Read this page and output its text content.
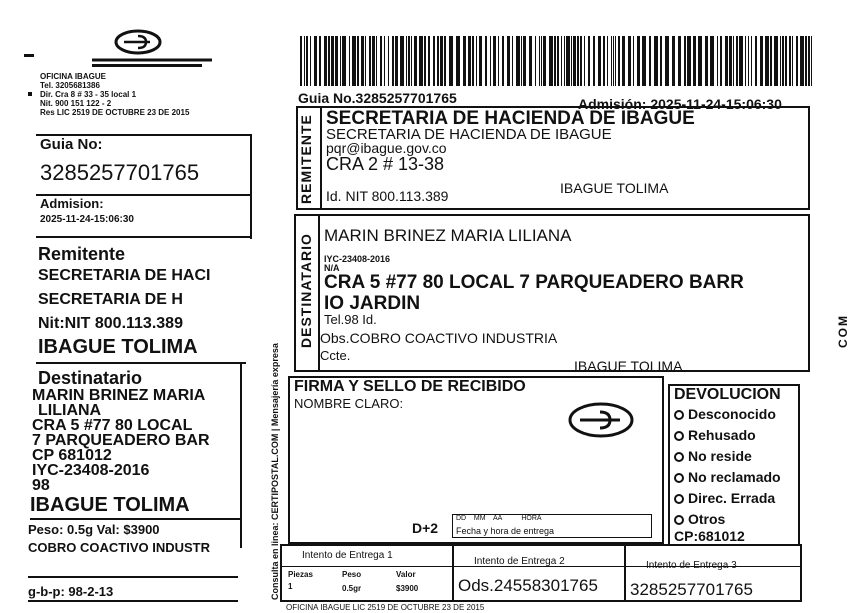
OFICINA IBAGUE
Tel. 3205681386
Dir. Cra 8 # 33 - 35 local 1
Nit. 900 151 122 - 2
Res LIC 2519 DE OCTUBRE 23 DE 2015
Guia No:
3285257701765
Admision:
2025-11-24-15:06:30
Remitente
SECRETARIA DE HACI
SECRETARIA DE H
Nit:NIT 800.113.389
IBAGUE TOLIMA
Destinatario
MARIN BRINEZ MARIA
LILIANA
CRA 5 #77 80 LOCAL
7 PARQUEADERO BAR
CP 681012
IYC-23408-2016
98
IBAGUE TOLIMA
Peso: 0.5g Val: $3900
COBRO COACTIVO INDUSTR
g-b-p: 98-2-13	Consulta en linea: CERTIPOSTAL.COM | Mensajería expresa
Guia No.3285257701765	Admisión: 2025-11-24-15:06:30
REMITENTE SECRETARIA DE HACIENDA DE IBAGUE
SECRETARIA DE HACIENDA DE IBAGUE
pqr@ibague.gov.co
CRA 2 # 13-38
IBAGUE TOLIMA
Id. NIT 800.113.389
DESTINATARIO MARIN BRINEZ MARIA LILIANA
IYC-23408-2016
N/A
CRA 5 #77 80 LOCAL 7 PARQUEADERO BARR
IO JARDIN
Tel.98 Id.
Obs.COBRO COACTIVO INDUSTRIA
Ccte.
IBAGUE TOLIMA
FIRMA Y SELLO DE RECIBIDO
NOMBRE CLARO:
D+2
DD    MM    AA          HORA
Fecha y hora de entrega
DEVOLUCION
Desconocido
Rehusado
No reside
No reclamado
Direc. Errada
Otros
CP:681012
Intento de Entrega 1
Intento de Entrega 2	Intento de Entrega 3
Piezas	Peso	Valor
1	0.5gr	$3900 Ods.24558301765 3285257701765
OFICINA IBAGUE LIC 2519 DE OCTUBRE 23 DE 2015
COM
